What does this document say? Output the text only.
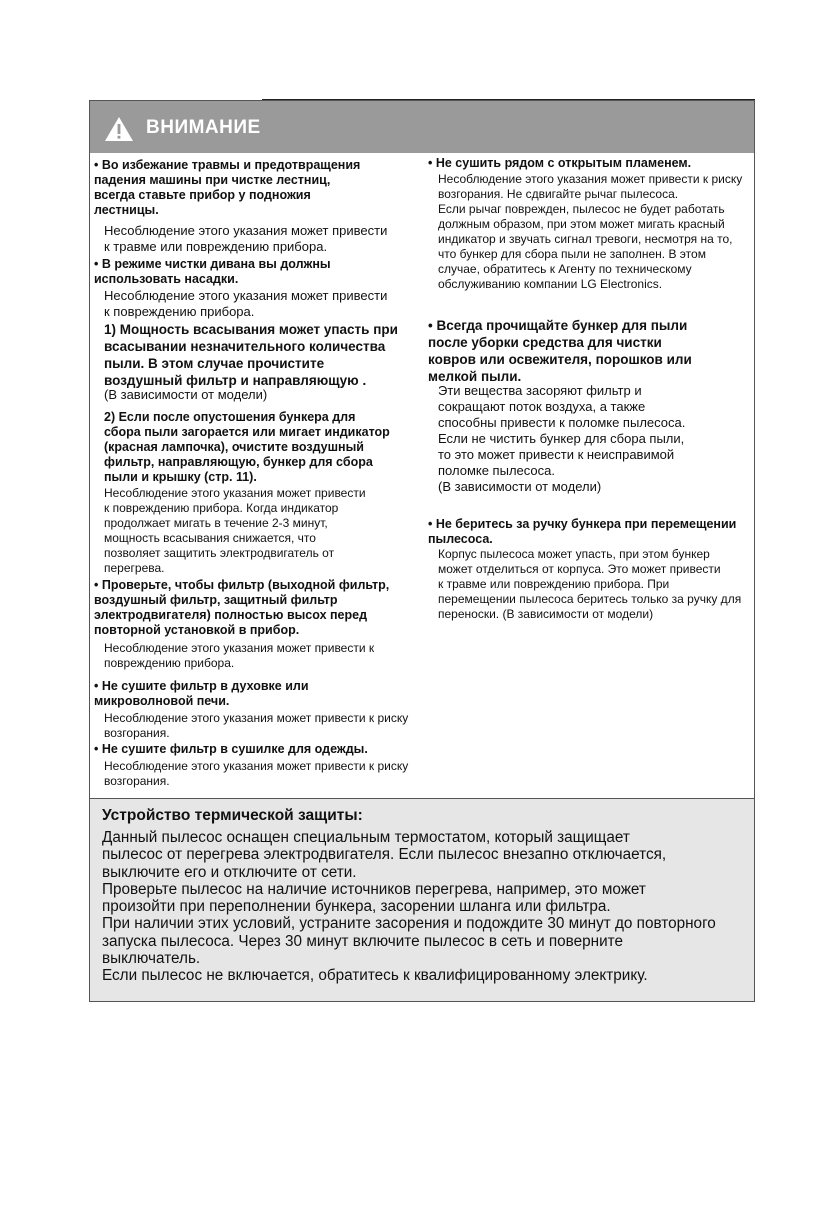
ВНИМАНИЕ
• Во избежание травмы и предотвращения
падения машины при чистке лестниц,
всегда ставьте прибор у подножия
лестницы.
Несоблюдение этого указания может привести
к травме или повреждению прибора.
• В режиме чистки дивана вы должны
использовать насадки.
Несоблюдение этого указания может привести
к повреждению прибора.
1) Мощность всасывания может упасть при
всасывании незначительного количества
пыли. В этом случае прочистите
воздушный фильтр и направляющую .
(В зависимости от модели)
2) Если после опустошения бункера для
сбора пыли загорается или мигает индикатор
(красная лампочка), очистите воздушный
фильтр, направляющую, бункер для сбора
пыли и крышку (стр. 11).
Несоблюдение этого указания может привести
к повреждению прибора. Когда индикатор
продолжает мигать в течение 2-3 минут,
мощность всасывания снижается, что
позволяет защитить электродвигатель от
перегрева.
• Проверьте, чтобы фильтр (выходной фильтр,
воздушный фильтр, защитный фильтр
электродвигателя) полностью высох перед
повторной установкой в прибор.
Несоблюдение этого указания может привести к
повреждению прибора.
• Не сушите фильтр в духовке или
микроволновой печи.
Несоблюдение этого указания может привести к риску
возгорания.
• Не сушите фильтр в сушилке для одежды.
Несоблюдение этого указания может привести к риску
возгорания.
• Не сушить рядом с открытым пламенем.
Несоблюдение этого указания может привести к риску
возгорания. Не сдвигайте рычаг пылесоса.
Если рычаг поврежден, пылесос не будет работать
должным образом, при этом может мигать красный
индикатор и звучать сигнал тревоги, несмотря на то,
что бункер для сбора пыли не заполнен. В этом
случае, обратитесь к Агенту по техническому
обслуживанию компании LG Electronics.
• Всегда прочищайте бункер для пыли
после уборки средства для чистки
ковров или освежителя, порошков или
мелкой пыли.
Эти вещества засоряют фильтр и
сокращают поток воздуха, а также
способны привести к поломке пылесоса.
Если не чистить бункер для сбора пыли,
то это может привести к неисправимой
поломке пылесоса.
(В зависимости от модели)
• Не беритесь за ручку бункера при перемещении
пылесоса.
Корпус пылесоса может упасть, при этом бункер
может отделиться от корпуса. Это может привести
к травме или повреждению прибора. При
перемещении пылесоса беритесь только за ручку для
переноски. (В зависимости от модели)
Устройство термической защиты:
Данный пылесос оснащен специальным термостатом, который защищает
пылесос от перегрева электродвигателя. Если пылесос внезапно отключается,
выключите его и отключите от сети.
Проверьте пылесос на наличие источников перегрева, например, это может
произойти при переполнении бункера, засорении шланга или фильтра.
При наличии этих условий, устраните засорения и подождите 30 минут до повторного
запуска пылесоса. Через 30 минут включите пылесос в сеть и поверните
выключатель.
Если пылесос не включается, обратитесь к квалифицированному электрику.
